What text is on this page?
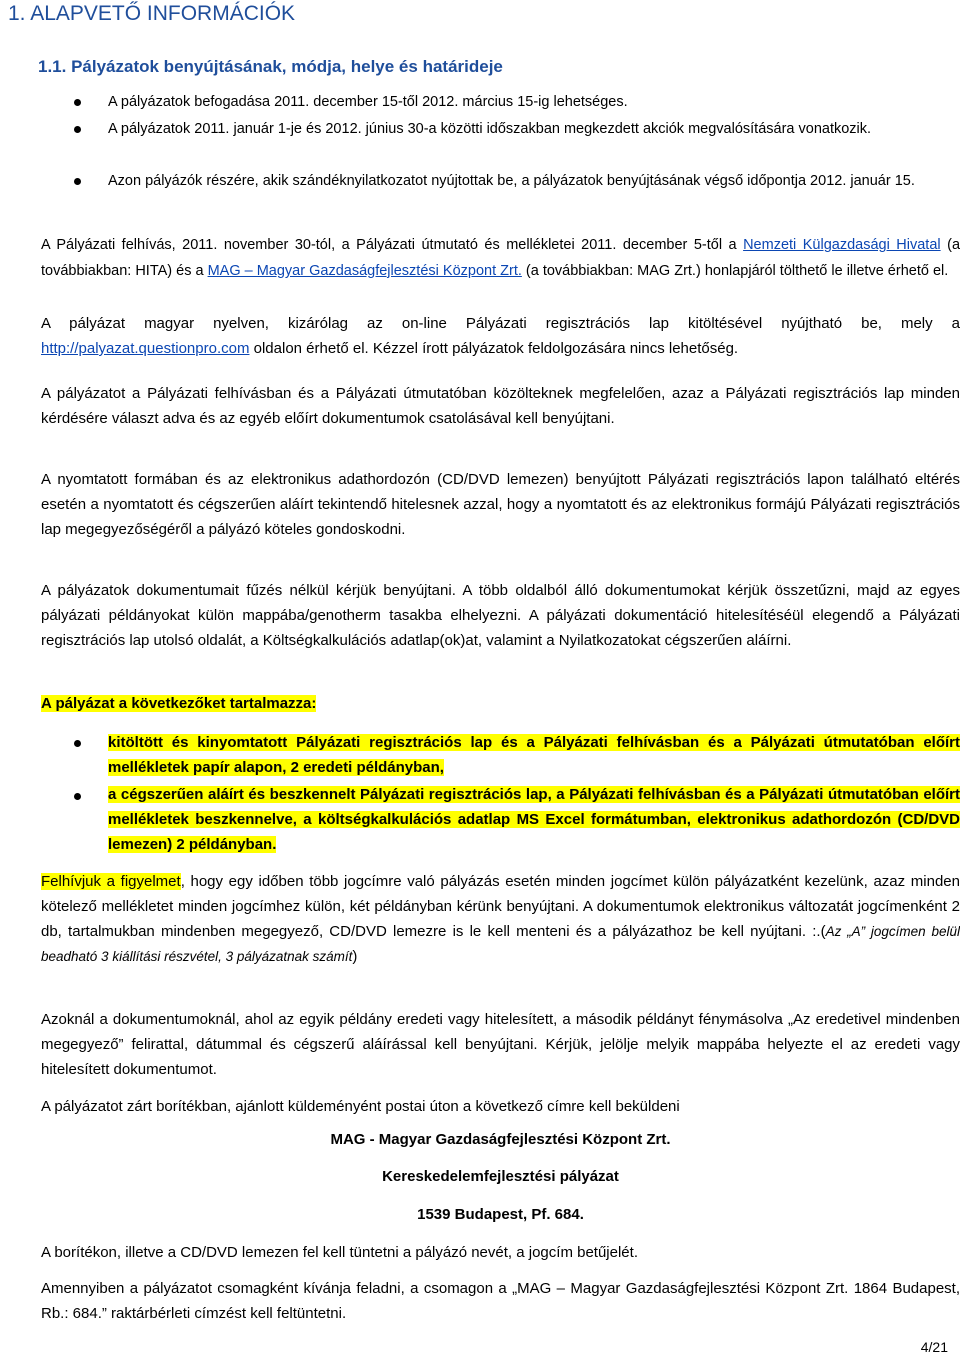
1. ALAPVETŐ INFORMÁCIÓK
1.1. Pályázatok benyújtásának, módja, helye és határideje
A pályázatok befogadása 2011. december 15-től 2012. március 15-ig lehetséges.
A pályázatok 2011. január 1-je és 2012. június 30-a közötti időszakban megkezdett akciók megvalósítására vonatkozik.
Azon pályázók részére, akik szándéknyilatkozatot nyújtottak be, a pályázatok benyújtásának végső időpontja 2012. január 15.
A Pályázati felhívás, 2011. november 30-tól, a Pályázati útmutató és mellékletei 2011. december 5-től a Nemzeti Külgazdasági Hivatal (a továbbiakban: HITA) és a MAG – Magyar Gazdaságfejlesztési Központ Zrt. (a továbbiakban: MAG Zrt.) honlapjáról tölthető le illetve érhető el.
A pályázat magyar nyelven, kizárólag az on-line Pályázati regisztrációs lap kitöltésével nyújtható be, mely a http://palyazat.questionpro.com oldalon érhető el. Kézzel írott pályázatok feldolgozására nincs lehetőség.
A pályázatot a Pályázati felhívásban és a Pályázati útmutatóban közölteknek megfelelően, azaz a Pályázati regisztrációs lap minden kérdésére választ adva és az egyéb előírt dokumentumok csatolásával kell benyújtani.
A nyomtatott formában és az elektronikus adathordozón (CD/DVD lemezen) benyújtott Pályázati regisztrációs lapon található eltérés esetén a nyomtatott és cégszerűen aláírt tekintendő hitelesnek azzal, hogy a nyomtatott és az elektronikus formájú Pályázati regisztrációs lap megegyezőségéről a pályázó köteles gondoskodni.
A pályázatok dokumentumait fűzés nélkül kérjük benyújtani. A több oldalból álló dokumentumokat kérjük összetűzni, majd az egyes pályázati példányokat külön mappába/genotherm tasakba elhelyezni. A pályázati dokumentáció hitelesítéséül elegendő a Pályázati regisztrációs lap utolsó oldalát, a Költségkalkulációs adatlap(ok)at, valamint a Nyilatkozatokat cégszerűen aláírni.
A pályázat a következőket tartalmazza:
kitöltött és kinyomtatott Pályázati regisztrációs lap és a Pályázati felhívásban és a Pályázati útmutatóban előírt mellékletek papír alapon, 2 eredeti példányban,
a cégszerűen aláírt és beszkennelt Pályázati regisztrációs lap, a Pályázati felhívásban és a Pályázati útmutatóban előírt mellékletek beszkennelve, a költségkalkulációs adatlap MS Excel formátumban, elektronikus adathordozón (CD/DVD lemezen) 2 példányban.
Felhívjuk a figyelmet, hogy egy időben több jogcímre való pályázás esetén minden jogcímet külön pályázatként kezelünk, azaz minden kötelező mellékletet minden jogcímhez külön, két példányban kérünk benyújtani. A dokumentumok elektronikus változatát jogcímenként 2 db, tartalmukban mindenben megegyező, CD/DVD lemezre is le kell menteni és a pályázathoz be kell nyújtani. :.(Az „A” jogcímen belül beadható 3 kiállítási részvétel, 3 pályázatnak számít)
Azoknál a dokumentumoknál, ahol az egyik példány eredeti vagy hitelesített, a második példányt fénymásolva „Az eredetivel mindenben megegyező” felirattal, dátummal és cégszerű aláírással kell benyújtani. Kérjük, jelölje melyik mappába helyezte el az eredeti vagy hitelesített dokumentumot.
A pályázatot zárt borítékban, ajánlott küldeményént postai úton a következő címre kell beküldeni
MAG - Magyar Gazdaságfejlesztési Központ Zrt.
Kereskedelemfejlesztési pályázat
1539 Budapest, Pf. 684.
A borítékon, illetve a CD/DVD lemezen fel kell tüntetni a pályázó nevét, a jogcím betűjelét.
Amennyiben a pályázatot csomagként kívánja feladni, a csomagon a „MAG – Magyar Gazdaságfejlesztési Központ Zrt. 1864 Budapest, Rb.: 684.” raktárbérleti címzést kell feltüntetni.
4/21
